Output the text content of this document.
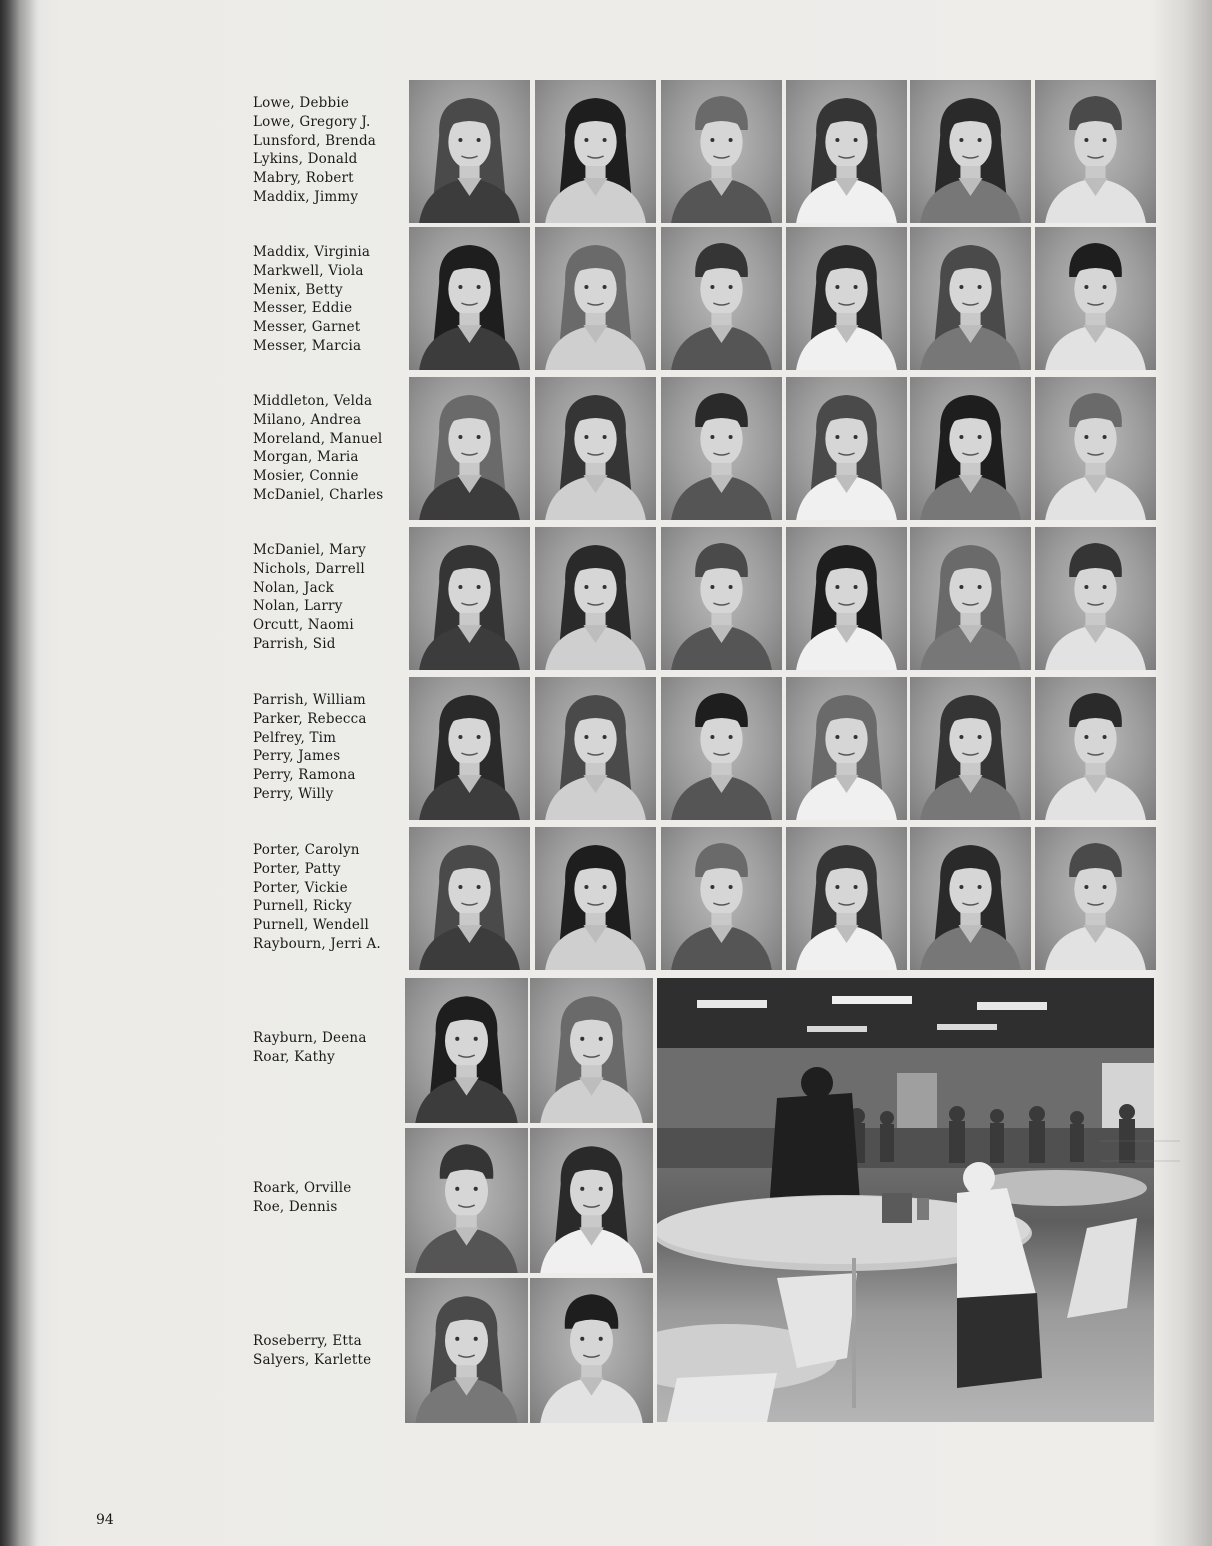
Lowe, Debbie
Lowe, Gregory J.
Lunsford, Brenda
Lykins, Donald
Mabry, Robert
Maddix, Jimmy
Maddix, Virginia
Markwell, Viola
Menix, Betty
Messer, Eddie
Messer, Garnet
Messer, Marcia
Middleton, Velda
Milano, Andrea
Moreland, Manuel
Morgan, Maria
Mosier, Connie
McDaniel, Charles
McDaniel, Mary
Nichols, Darrell
Nolan, Jack
Nolan, Larry
Orcutt, Naomi
Parrish, Sid
Parrish, William
Parker, Rebecca
Pelfrey, Tim
Perry, James
Perry, Ramona
Perry, Willy
Porter, Carolyn
Porter, Patty
Porter, Vickie
Purnell, Ricky
Purnell, Wendell
Raybourn, Jerri A.
Rayburn, Deena
Roar, Kathy
Roark, Orville
Roe, Dennis
Roseberry, Etta
Salyers, Karlette
94
